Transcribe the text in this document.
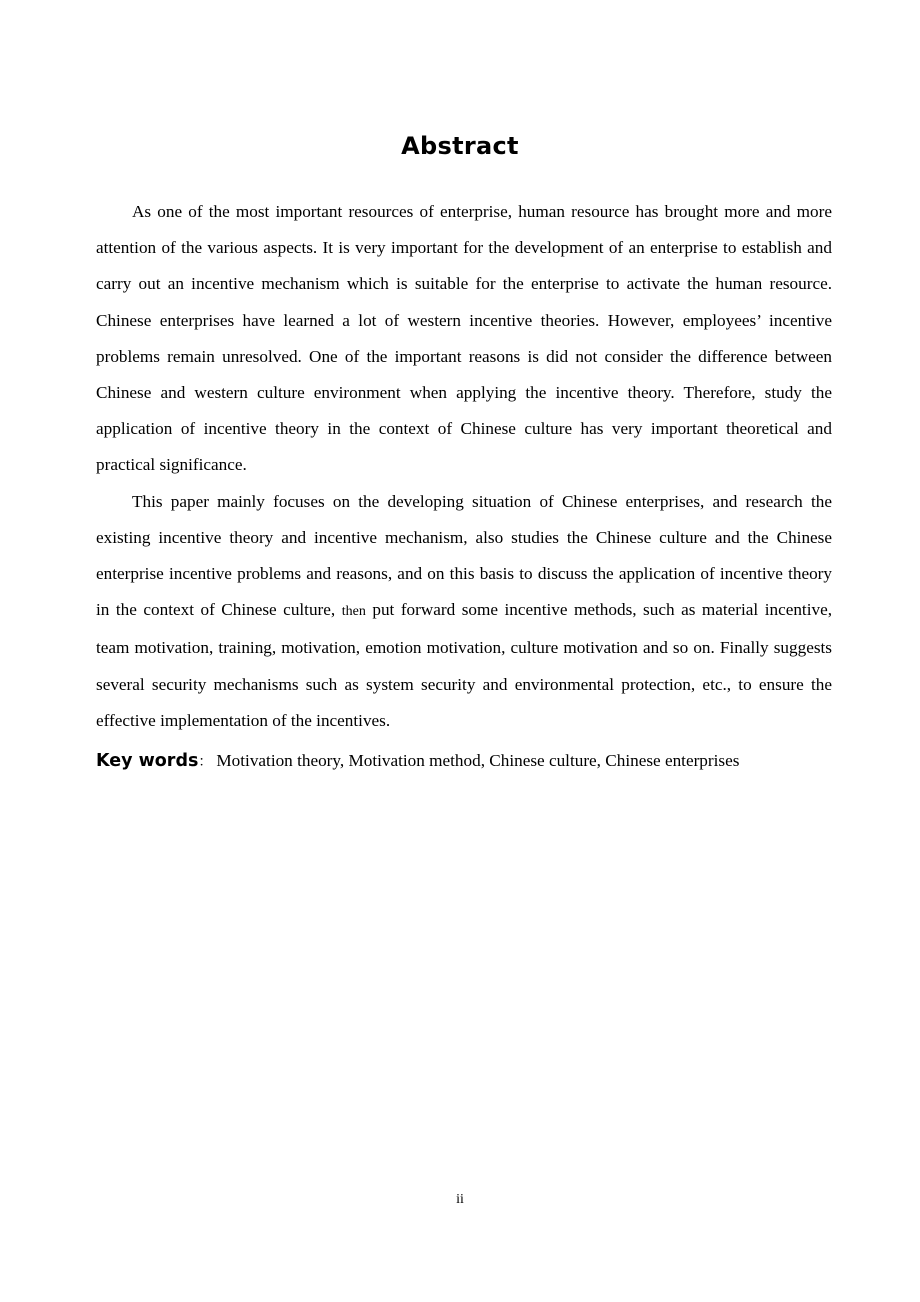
Abstract

As one of the most important resources of enterprise, human resource has brought more and more attention of the various aspects. It is very important for the development of an enterprise to establish and carry out an incentive mechanism which is suitable for the enterprise to activate the human resource. Chinese enterprises have learned a lot of western incentive theories. However, employees’ incentive problems remain unresolved. One of the important reasons is did not consider the difference between Chinese and western culture environment when applying the incentive theory. Therefore, study the application of incentive theory in the context of Chinese culture has very important theoretical and practical significance.

This paper mainly focuses on the developing situation of Chinese enterprises, and research the existing incentive theory and incentive mechanism, also studies the Chinese culture and the Chinese enterprise incentive problems and reasons, and on this basis to discuss the application of incentive theory in the context of Chinese culture, then put forward some incentive methods, such as material incentive, team motivation, training, motivation, emotion motivation, culture motivation and so on. Finally suggests several security mechanisms such as system security and environmental protection, etc., to ensure the effective implementation of the incentives.

Key words： Motivation theory, Motivation method, Chinese culture, Chinese enterprises
ii
